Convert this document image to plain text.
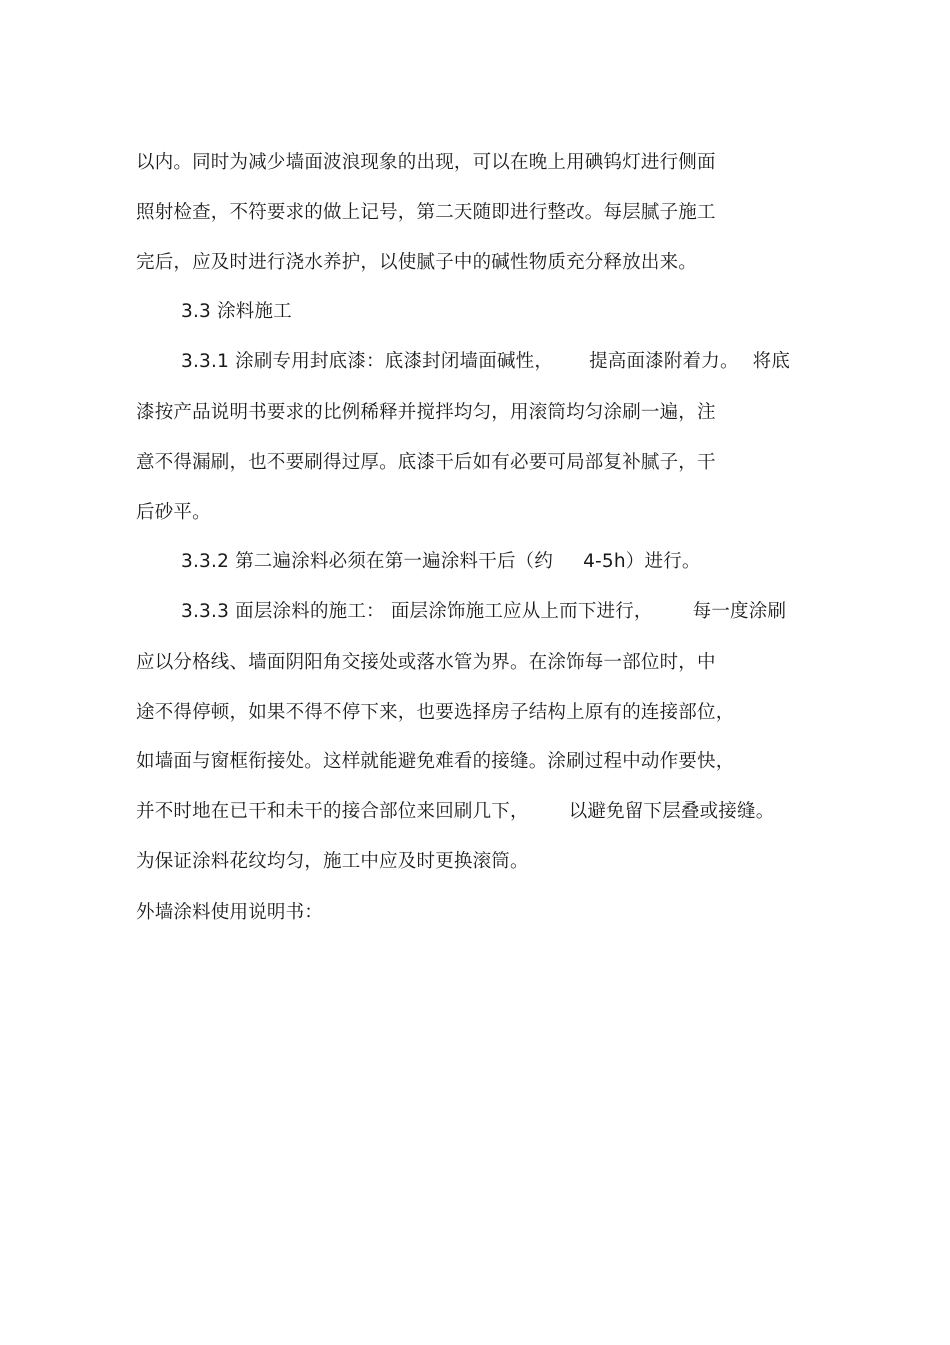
以内。同时为减少墙面波浪现象的出现，可以在晚上用碘钨灯进行侧面
照射检查，不符要求的做上记号，第二天随即进行整改。每层腻子施工
完后，应及时进行浇水养护，以使腻子中的碱性物质充分释放出来。
3.3 涂料施工
3.3.1 涂刷专用封底漆：底漆封闭墙面碱性， 提高面漆附着力。 将底
漆按产品说明书要求的比例稀释并搅拌均匀，用滚筒均匀涂刷一遍，注
意不得漏刷，也不要刷得过厚。底漆干后如有必要可局部复补腻子，干
后砂平。
3.3.2 第二遍涂料必须在第一遍涂料干后（约 4-5h）进行。
3.3.3 面层涂料的施工： 面层涂饰施工应从上而下进行， 每一度涂刷
应以分格线、墙面阴阳角交接处或落水管为界。在涂饰每一部位时，中
途不得停顿，如果不得不停下来，也要选择房子结构上原有的连接部位，
如墙面与窗框衔接处。这样就能避免难看的接缝。涂刷过程中动作要快，
并不时地在已干和未干的接合部位来回刷几下， 以避免留下层叠或接缝。
为保证涂料花纹均匀，施工中应及时更换滚筒。
外墙涂料使用说明书：
